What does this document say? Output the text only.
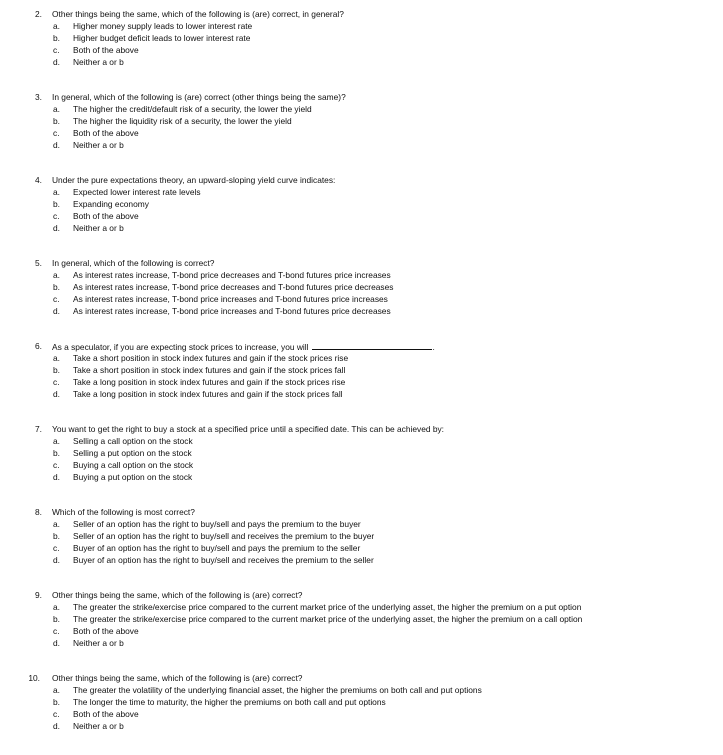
2. Other things being the same, which of the following is (are) correct, in general?
a. Higher money supply leads to lower interest rate
b. Higher budget deficit leads to lower interest rate
c. Both of the above
d. Neither a or b
3. In general, which of the following is (are) correct (other things being the same)?
a. The higher the credit/default risk of a security, the lower the yield
b. The higher the liquidity risk of a security, the lower the yield
c. Both of the above
d. Neither a or b
4. Under the pure expectations theory, an upward-sloping yield curve indicates:
a. Expected lower interest rate levels
b. Expanding economy
c. Both of the above
d. Neither a or b
5. In general, which of the following is correct?
a. As interest rates increase, T-bond price decreases and T-bond futures price increases
b. As interest rates increase, T-bond price decreases and T-bond futures price decreases
c. As interest rates increase, T-bond price increases and T-bond futures price increases
d. As interest rates increase, T-bond price increases and T-bond futures price decreases
6. As a speculator, if you are expecting stock prices to increase, you will	.
a. Take a short position in stock index futures and gain if the stock prices rise
b. Take a short position in stock index futures and gain if the stock prices fall
c. Take a long position in stock index futures and gain if the stock prices rise
d. Take a long position in stock index futures and gain if the stock prices fall
7. You want to get the right to buy a stock at a specified price until a specified date. This can be achieved by:
a. Selling a call option on the stock
b. Selling a put option on the stock
c. Buying a call option on the stock
d. Buying a put option on the stock
8. Which of the following is most correct?
a. Seller of an option has the right to buy/sell and pays the premium to the buyer
b. Seller of an option has the right to buy/sell and receives the premium to the buyer
c. Buyer of an option has the right to buy/sell and pays the premium to the seller
d. Buyer of an option has the right to buy/sell and receives the premium to the seller
9. Other things being the same, which of the following is (are) correct?
a. The greater the strike/exercise price compared to the current market price of the underlying asset, the higher the premium on a put option
b. The greater the strike/exercise price compared to the current market price of the underlying asset, the higher the premium on a call option
c. Both of the above
d. Neither a or b
10. Other things being the same, which of the following is (are) correct?
a. The greater the volatility of the underlying financial asset, the higher the premiums on both call and put options
b. The longer the time to maturity, the higher the premiums on both call and put options
c. Both of the above
d. Neither a or b
